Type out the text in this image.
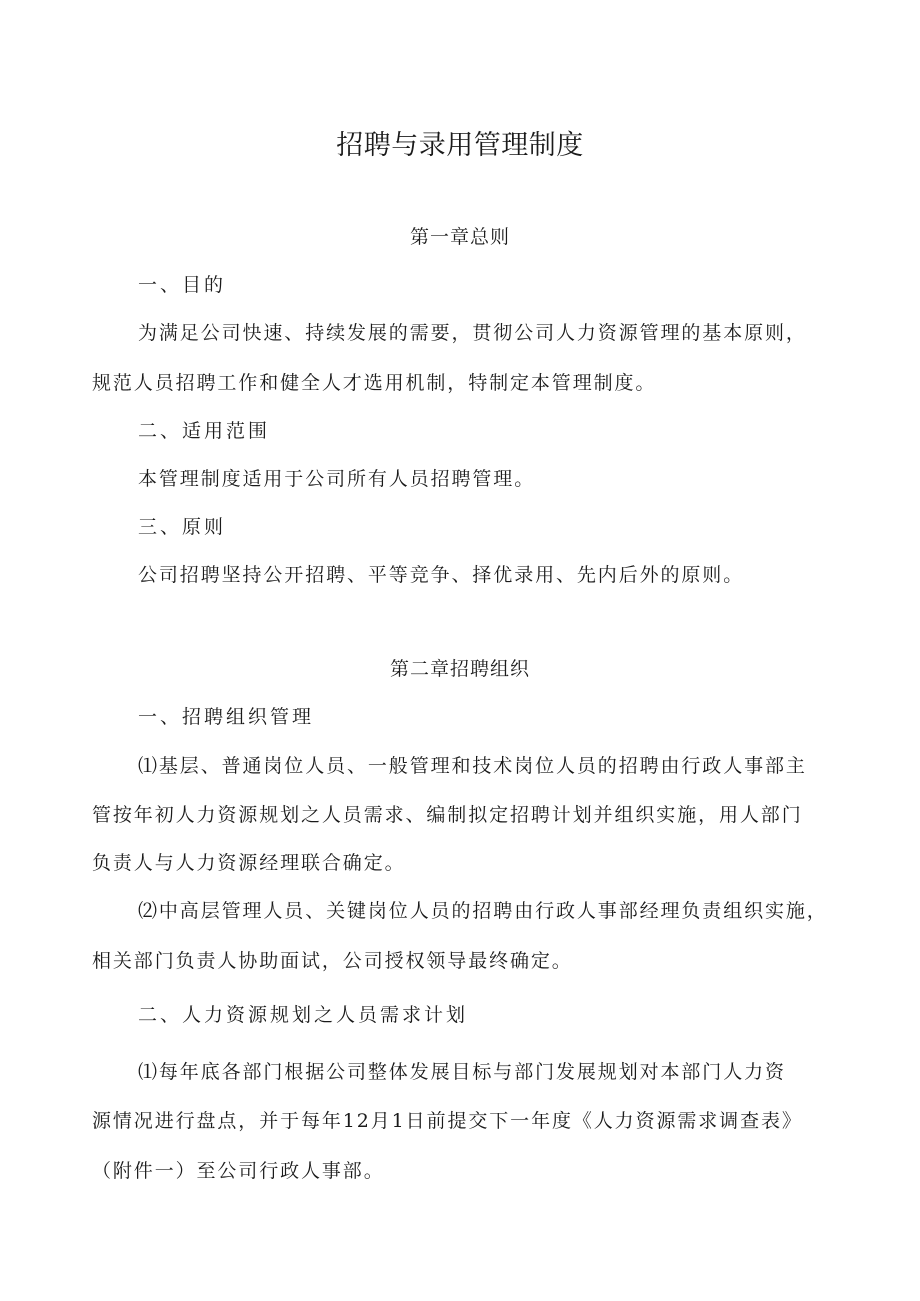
招聘与录用管理制度
第一章总则
一、目的

为满足公司快速、持续发展的需要，贯彻公司人力资源管理的基本原则，

规范人员招聘工作和健全人才选用机制，特制定本管理制度。

二、适用范围

本管理制度适用于公司所有人员招聘管理。

三、原则

公司招聘坚持公开招聘、平等竞争、择优录用、先内后外的原则。

第二章招聘组织
一、招聘组织管理

⑴基层、普通岗位人员、一般管理和技术岗位人员的招聘由行政人事部主

管按年初人力资源规划之人员需求、编制拟定招聘计划并组织实施，用人部门

负责人与人力资源经理联合确定。

⑵中高层管理人员、关键岗位人员的招聘由行政人事部经理负责组织实施，

相关部门负责人协助面试，公司授权领导最终确定。

二、人力资源规划之人员需求计划

⑴每年底各部门根据公司整体发展目标与部门发展规划对本部门人力资

源情况进行盘点，并于每年12月1日前提交下一年度《人力资源需求调查表》

（附件一）至公司行政人事部。
